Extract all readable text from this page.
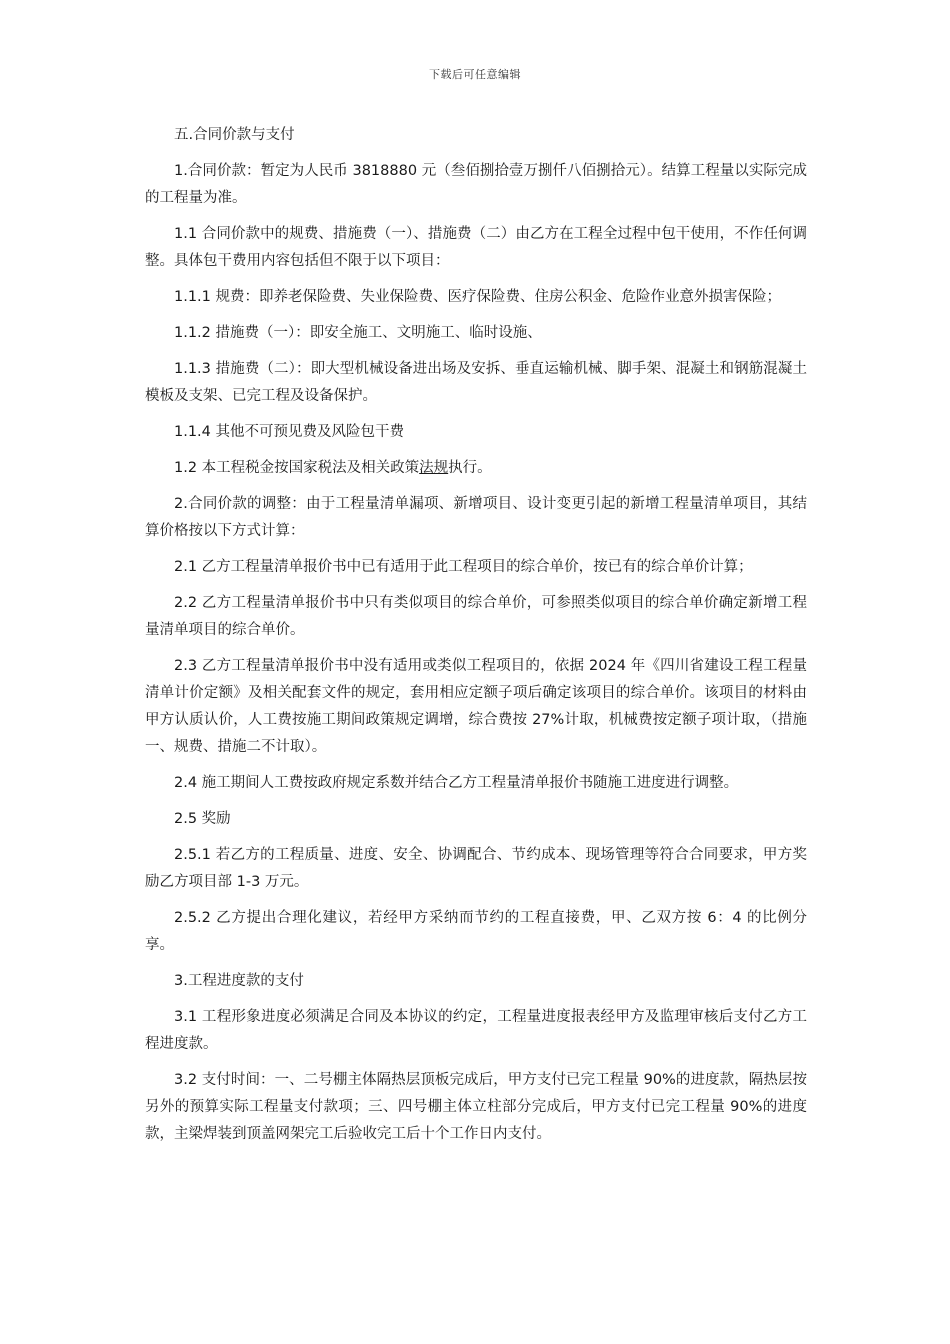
下载后可任意编辑

五.合同价款与支付

1.合同价款：暂定为人民币 3818880 元（叁佰捌拾壹万捌仟八佰捌拾元）。结算工程量以实际完成的工程量为准。

1.1 合同价款中的规费、措施费（一）、措施费（二）由乙方在工程全过程中包干使用，不作任何调整。具体包干费用内容包括但不限于以下项目：

1.1.1 规费：即养老保险费、失业保险费、医疗保险费、住房公积金、危险作业意外损害保险；

1.1.2 措施费（一）：即安全施工、文明施工、临时设施、

1.1.3 措施费（二）：即大型机械设备进出场及安拆、垂直运输机械、脚手架、混凝土和钢筋混凝土模板及支架、已完工程及设备保护。

1.1.4 其他不可预见费及风险包干费

1.2 本工程税金按国家税法及相关政策法规执行。

2.合同价款的调整：由于工程量清单漏项、新增项目、设计变更引起的新增工程量清单项目，其结算价格按以下方式计算：

2.1 乙方工程量清单报价书中已有适用于此工程项目的综合单价，按已有的综合单价计算；

2.2 乙方工程量清单报价书中只有类似项目的综合单价，可参照类似项目的综合单价确定新增工程量清单项目的综合单价。

2.3 乙方工程量清单报价书中没有适用或类似工程项目的，依据 2024 年《四川省建设工程工程量清单计价定额》及相关配套文件的规定，套用相应定额子项后确定该项目的综合单价。该项目的材料由甲方认质认价，人工费按施工期间政策规定调增，综合费按 27%计取，机械费按定额子项计取，（措施一、规费、措施二不计取）。

2.4 施工期间人工费按政府规定系数并结合乙方工程量清单报价书随施工进度进行调整。

2.5 奖励

2.5.1 若乙方的工程质量、进度、安全、协调配合、节约成本、现场管理等符合合同要求，甲方奖励乙方项目部 1-3 万元。

2.5.2 乙方提出合理化建议，若经甲方采纳而节约的工程直接费，甲、乙双方按 6：4 的比例分享。

3.工程进度款的支付

3.1 工程形象进度必须满足合同及本协议的约定，工程量进度报表经甲方及监理审核后支付乙方工程进度款。

3.2 支付时间：一、二号棚主体隔热层顶板完成后，甲方支付已完工程量 90%的进度款，隔热层按另外的预算实际工程量支付款项；三、四号棚主体立柱部分完成后，甲方支付已完工程量 90%的进度款，主梁焊装到顶盖网架完工后验收完工后十个工作日内支付。
